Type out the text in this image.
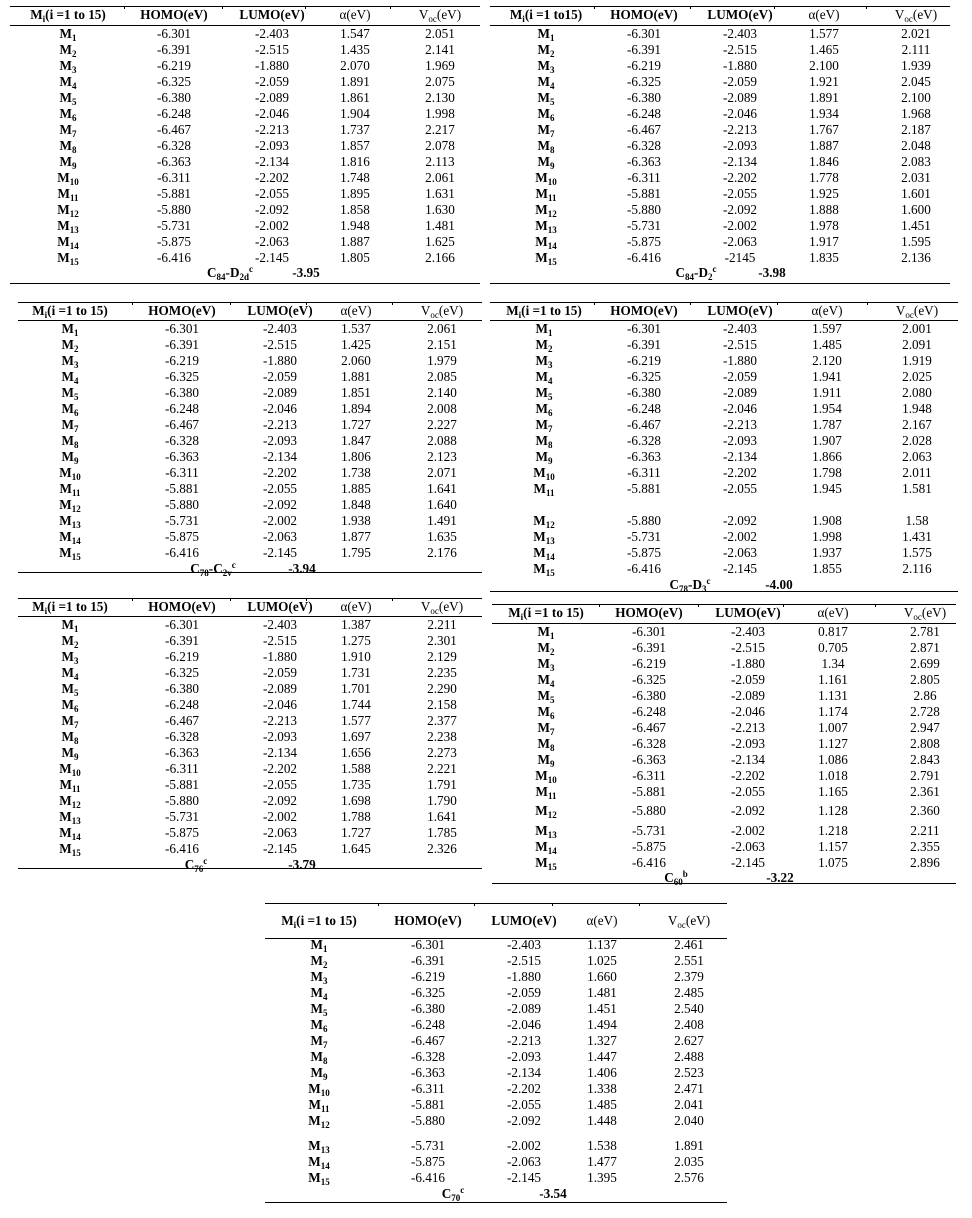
$M_i(i =1$ to 15)	HOMO(eV)	LUMO(eV)	α(eV)	$V_{oc}(eV)$
$M_1$	-6.301	-2.403	1.547	2.051
$M_2$	-6.391	-2.515	1.435	2.141
$M_3$	-6.219	-1.880	2.070	1.969
$M_4$	-6.325	-2.059	1.891	2.075
$M_5$	-6.380	-2.089	1.861	2.130
$M_6$	-6.248	-2.046	1.904	1.998
$M_7$	-6.467	-2.213	1.737	2.217
$M_8$	-6.328	-2.093	1.857	2.078
$M_9$	-6.363	-2.134	1.816	2.113
$M_{10}$	-6.311	-2.202	1.748	2.061
$M_{11}$	-5.881	-2.055	1.895	1.631
$M_{12}$	-5.880	-2.092	1.858	1.630
$M_{13}$	-5.731	-2.002	1.948	1.481
$M_{14}$	-5.875	-2.063	1.887	1.625
$M_{15}$	-6.416	-2.145	1.805	2.166
$C_{84}-D_{2d}^c$	-3.95
$M_i(i =1$ to15)	HOMO(eV)	LUMO(eV)	α(eV)	$V_{oc}(eV)$
$M_1$	-6.301	-2.403	1.577	2.021
$M_2$	-6.391	-2.515	1.465	2.111
$M_3$	-6.219	-1.880	2.100	1.939
$M_4$	-6.325	-2.059	1.921	2.045
$M_5$	-6.380	-2.089	1.891	2.100
$M_6$	-6.248	-2.046	1.934	1.968
$M_7$	-6.467	-2.213	1.767	2.187
$M_8$	-6.328	-2.093	1.887	2.048
$M_9$	-6.363	-2.134	1.846	2.083
$M_{10}$	-6.311	-2.202	1.778	2.031
$M_{11}$	-5.881	-2.055	1.925	1.601
$M_{12}$	-5.880	-2.092	1.888	1.600
$M_{13}$	-5.731	-2.002	1.978	1.451
$M_{14}$	-5.875	-2.063	1.917	1.595
$M_{15}$	-6.416	-2145	1.835	2.136
$C_{84}-D_2^c$	-3.98
$M_i(i =1$ to 15)	HOMO(eV)	LUMO(eV)	α(eV)	$V_{oc}(eV)$
$M_1$	-6.301	-2.403	1.537	2.061
$M_2$	-6.391	-2.515	1.425	2.151
$M_3$	-6.219	-1.880	2.060	1.979
$M_4$	-6.325	-2.059	1.881	2.085
$M_5$	-6.380	-2.089	1.851	2.140
$M_6$	-6.248	-2.046	1.894	2.008
$M_7$	-6.467	-2.213	1.727	2.227
$M_8$	-6.328	-2.093	1.847	2.088
$M_9$	-6.363	-2.134	1.806	2.123
$M_{10}$	-6.311	-2.202	1.738	2.071
$M_{11}$	-5.881	-2.055	1.885	1.641
$M_{12}$	-5.880	-2.092	1.848	1.640
$M_{13}$	-5.731	-2.002	1.938	1.491
$M_{14}$	-5.875	-2.063	1.877	1.635
$M_{15}$	-6.416	-2.145	1.795	2.176
$C_{78}-C_{2v}^c$	-3.94
$M_i(i =1$ to 15)	HOMO(eV)	LUMO(eV)	α(eV)	$V_{oc}(eV)$
$M_1$	-6.301	-2.403	1.597	2.001
$M_2$	-6.391	-2.515	1.485	2.091
$M_3$	-6.219	-1.880	2.120	1.919
$M_4$	-6.325	-2.059	1.941	2.025
$M_5$	-6.380	-2.089	1.911	2.080
$M_6$	-6.248	-2.046	1.954	1.948
$M_7$	-6.467	-2.213	1.787	2.167
$M_8$	-6.328	-2.093	1.907	2.028
$M_9$	-6.363	-2.134	1.866	2.063
$M_{10}$	-6.311	-2.202	1.798	2.011
$M_{11}$	-5.881	-2.055	1.945	1.581
$M_{12}$	-5.880	-2.092	1.908	1.58
$M_{13}$	-5.731	-2.002	1.998	1.431
$M_{14}$	-5.875	-2.063	1.937	1.575
$M_{15}$	-6.416	-2.145	1.855	2.116
$C_{78}-D_3^c$	-4.00
$M_i(i =1$ to 15)	HOMO(eV)	LUMO(eV)	α(eV)	$V_{oc}(eV)$
$M_1$	-6.301	-2.403	1.387	2.211
$M_2$	-6.391	-2.515	1.275	2.301
$M_3$	-6.219	-1.880	1.910	2.129
$M_4$	-6.325	-2.059	1.731	2.235
$M_5$	-6.380	-2.089	1.701	2.290
$M_6$	-6.248	-2.046	1.744	2.158
$M_7$	-6.467	-2.213	1.577	2.377
$M_8$	-6.328	-2.093	1.697	2.238
$M_9$	-6.363	-2.134	1.656	2.273
$M_{10}$	-6.311	-2.202	1.588	2.221
$M_{11}$	-5.881	-2.055	1.735	1.791
$M_{12}$	-5.880	-2.092	1.698	1.790
$M_{13}$	-5.731	-2.002	1.788	1.641
$M_{14}$	-5.875	-2.063	1.727	1.785
$M_{15}$	-6.416	-2.145	1.645	2.326
$C_{76}^c$	-3.79
$M_i(i =1$ to 15)	HOMO(eV)	LUMO(eV)	α(eV)	$V_{oc}(eV)$
$M_1$	-6.301	-2.403	0.817	2.781
$M_2$	-6.391	-2.515	0.705	2.871
$M_3$	-6.219	-1.880	1.34	2.699
$M_4$	-6.325	-2.059	1.161	2.805
$M_5$	-6.380	-2.089	1.131	2.86
$M_6$	-6.248	-2.046	1.174	2.728
$M_7$	-6.467	-2.213	1.007	2.947
$M_8$	-6.328	-2.093	1.127	2.808
$M_9$	-6.363	-2.134	1.086	2.843
$M_{10}$	-6.311	-2.202	1.018	2.791
$M_{11}$	-5.881	-2.055	1.165	2.361
$M_{12}$	-5.880	-2.092	1.128	2.360
$M_{13}$	-5.731	-2.002	1.218	2.211
$M_{14}$	-5.875	-2.063	1.157	2.355
$M_{15}$	-6.416	-2.145	1.075	2.896
$C_{60}^b$	-3.22
$M_i(i =1$ to 15)	HOMO(eV)	LUMO(eV)	α(eV)	$V_{oc}(eV)$
$M_1$	-6.301	-2.403	1.137	2.461
$M_2$	-6.391	-2.515	1.025	2.551
$M_3$	-6.219	-1.880	1.660	2.379
$M_4$	-6.325	-2.059	1.481	2.485
$M_5$	-6.380	-2.089	1.451	2.540
$M_6$	-6.248	-2.046	1.494	2.408
$M_7$	-6.467	-2.213	1.327	2.627
$M_8$	-6.328	-2.093	1.447	2.488
$M_9$	-6.363	-2.134	1.406	2.523
$M_{10}$	-6.311	-2.202	1.338	2.471
$M_{11}$	-5.881	-2.055	1.485	2.041
$M_{12}$	-5.880	-2.092	1.448	2.040
$M_{13}$	-5.731	-2.002	1.538	1.891
$M_{14}$	-5.875	-2.063	1.477	2.035
$M_{15}$	-6.416	-2.145	1.395	2.576
$C_{70}^c$	-3.54
